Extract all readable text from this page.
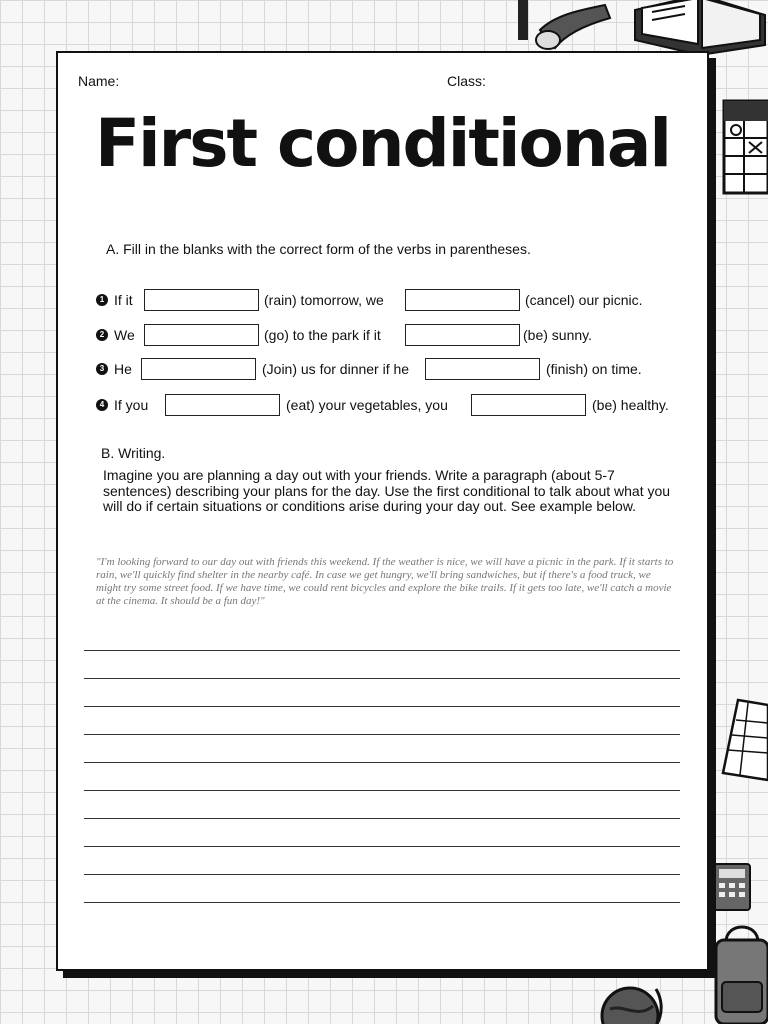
Name:	Class:
First conditional
A. Fill in the blanks with the correct form of the verbs in parentheses.
1 If it	(rain) tomorrow, we	(cancel) our picnic.
2 We	(go) to the park if it	(be) sunny.
3 He	(Join) us for dinner if he	(finish) on time.
4 If you	(eat) your vegetables, you	(be) healthy.
B. Writing.
Imagine you are planning a day out with your friends. Write a paragraph (about 5-7 sentences) describing your plans for the day. Use the first conditional to talk about what you will do if certain situations or conditions arise during your day out. See example below.
"I'm looking forward to our day out with friends this weekend. If the weather is nice, we will have a picnic in the park. If it starts to rain, we'll quickly find shelter in the nearby café. In case we get hungry, we'll bring sandwiches, but if there's a food truck, we might try some street food. If we have time, we could rent bicycles and explore the bike trails. If it gets too late, we'll catch a movie at the cinema. It should be a fun day!"
